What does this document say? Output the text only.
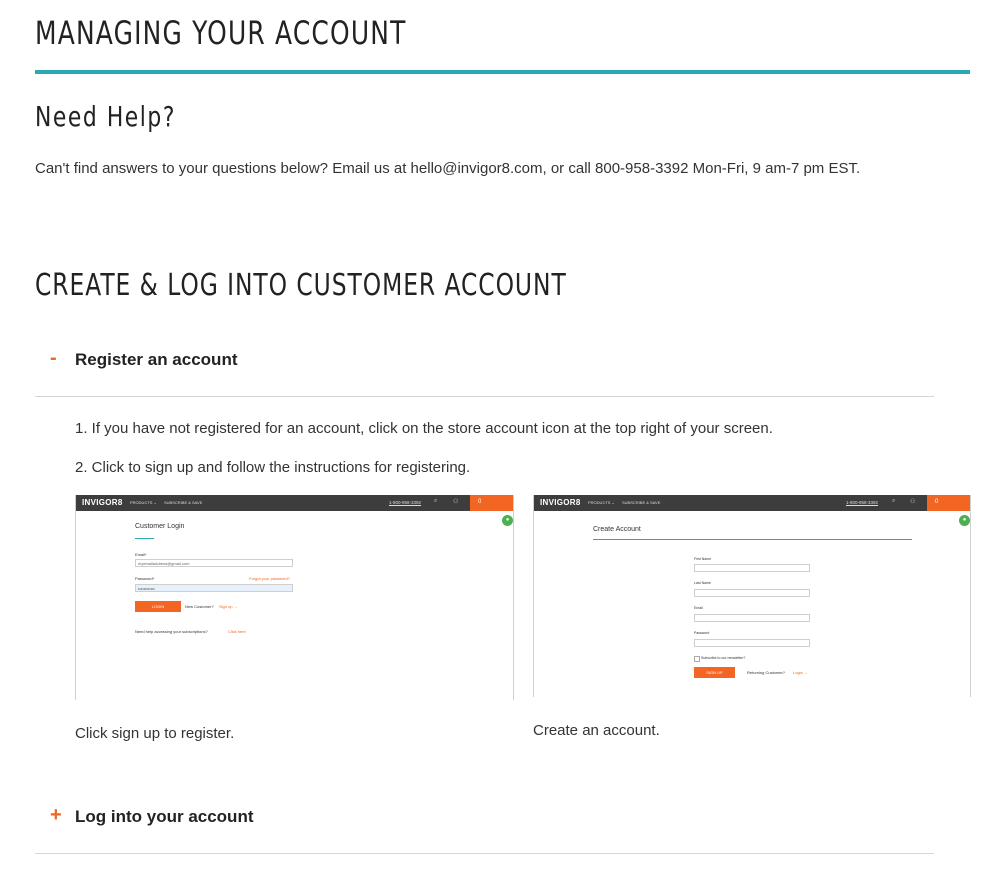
MANAGING YOUR ACCOUNT
Need Help?
Can't find answers to your questions below? Email us at hello@invigor8.com, or call 800-958-3392 Mon-Fri, 9 am-7 pm EST.
CREATE & LOG INTO CUSTOMER ACCOUNT
- Register an account
1. If you have not registered for an account, click on the store account icon at the top right of your screen.
2. Click to sign up and follow the instructions for registering.
INVIGOR8 PRODUCTS ⌄ SUBSCRIBE & SAVE	1-800-958-3392 ⌕	⚇	0
●
Customer Login
Email*
myemailaddress@gmail.com
Password*	Forgot your password?
••••••••••••
LOGIN	New Customer? Sign up →
Need help accessing your subscriptions?	Click here
Click sign up to register.
INVIGOR8 PRODUCTS ⌄ SUBSCRIBE & SAVE	1-800-958-3392 ⌕ ⚇	0
●
Create Account
First Name
Last Name
Email
Password
Subscribe to our newsletter?
SIGN UP	Returning Customer? Login →
Create an account.
+ Log into your account
